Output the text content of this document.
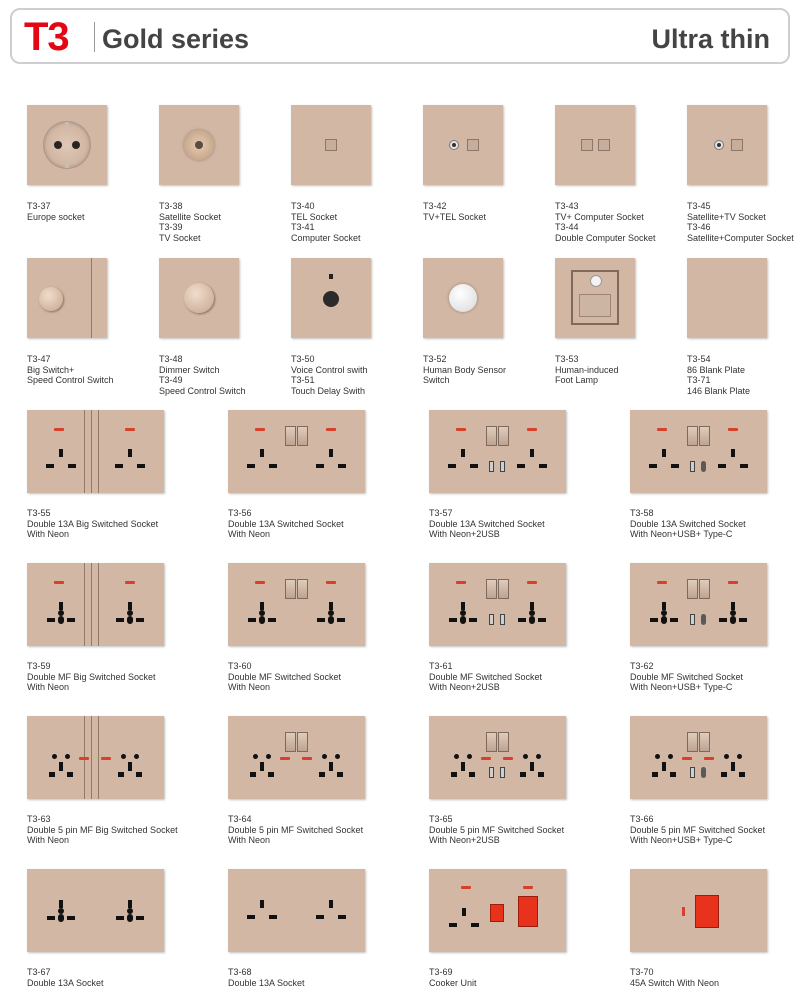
T3 Gold series	Ultra thin
T3-37
Europe socket
T3-38
Satellite Socket
T3-39
TV Socket
T3-40
TEL Socket
T3-41
Computer Socket
T3-42
TV+TEL Socket
T3-43
TV+ Computer Socket
T3-44
Double Computer Socket
T3-45
Satellite+TV Socket
T3-46
Satellite+Computer Socket
T3-47
Big Switch+
Speed Control Switch
T3-48
Dimmer Switch
T3-49
Speed Control Switch
T3-50
Voice Control swith
T3-51
Touch Delay Swith
T3-52
Human Body Sensor
Switch
T3-53
Human-induced
Foot Lamp
T3-54
86 Blank Plate
T3-71
146 Blank Plate
T3-55
Double 13A Big Switched Socket
With Neon
T3-56
Double 13A Switched Socket
With Neon
T3-57
Double 13A Switched Socket
With Neon+2USB
T3-58
Double 13A Switched Socket
With Neon+USB+ Type-C
T3-59
Double MF Big Switched Socket
With Neon
T3-60
Double MF Switched Socket
With Neon
T3-61
Double MF Switched Socket
With Neon+2USB
T3-62
Double MF Switched Socket
With Neon+USB+ Type-C
T3-63
Double 5 pin MF Big Switched Socket
With Neon
T3-64
Double 5 pin MF Switched Socket
With Neon
T3-65
Double 5 pin MF Switched Socket
With Neon+2USB
T3-66
Double 5 pin MF Switched Socket
With Neon+USB+ Type-C
T3-67
Double 13A Socket
T3-68
Double 13A Socket
T3-69
Cooker Unit
T3-70
45A Switch With Neon
